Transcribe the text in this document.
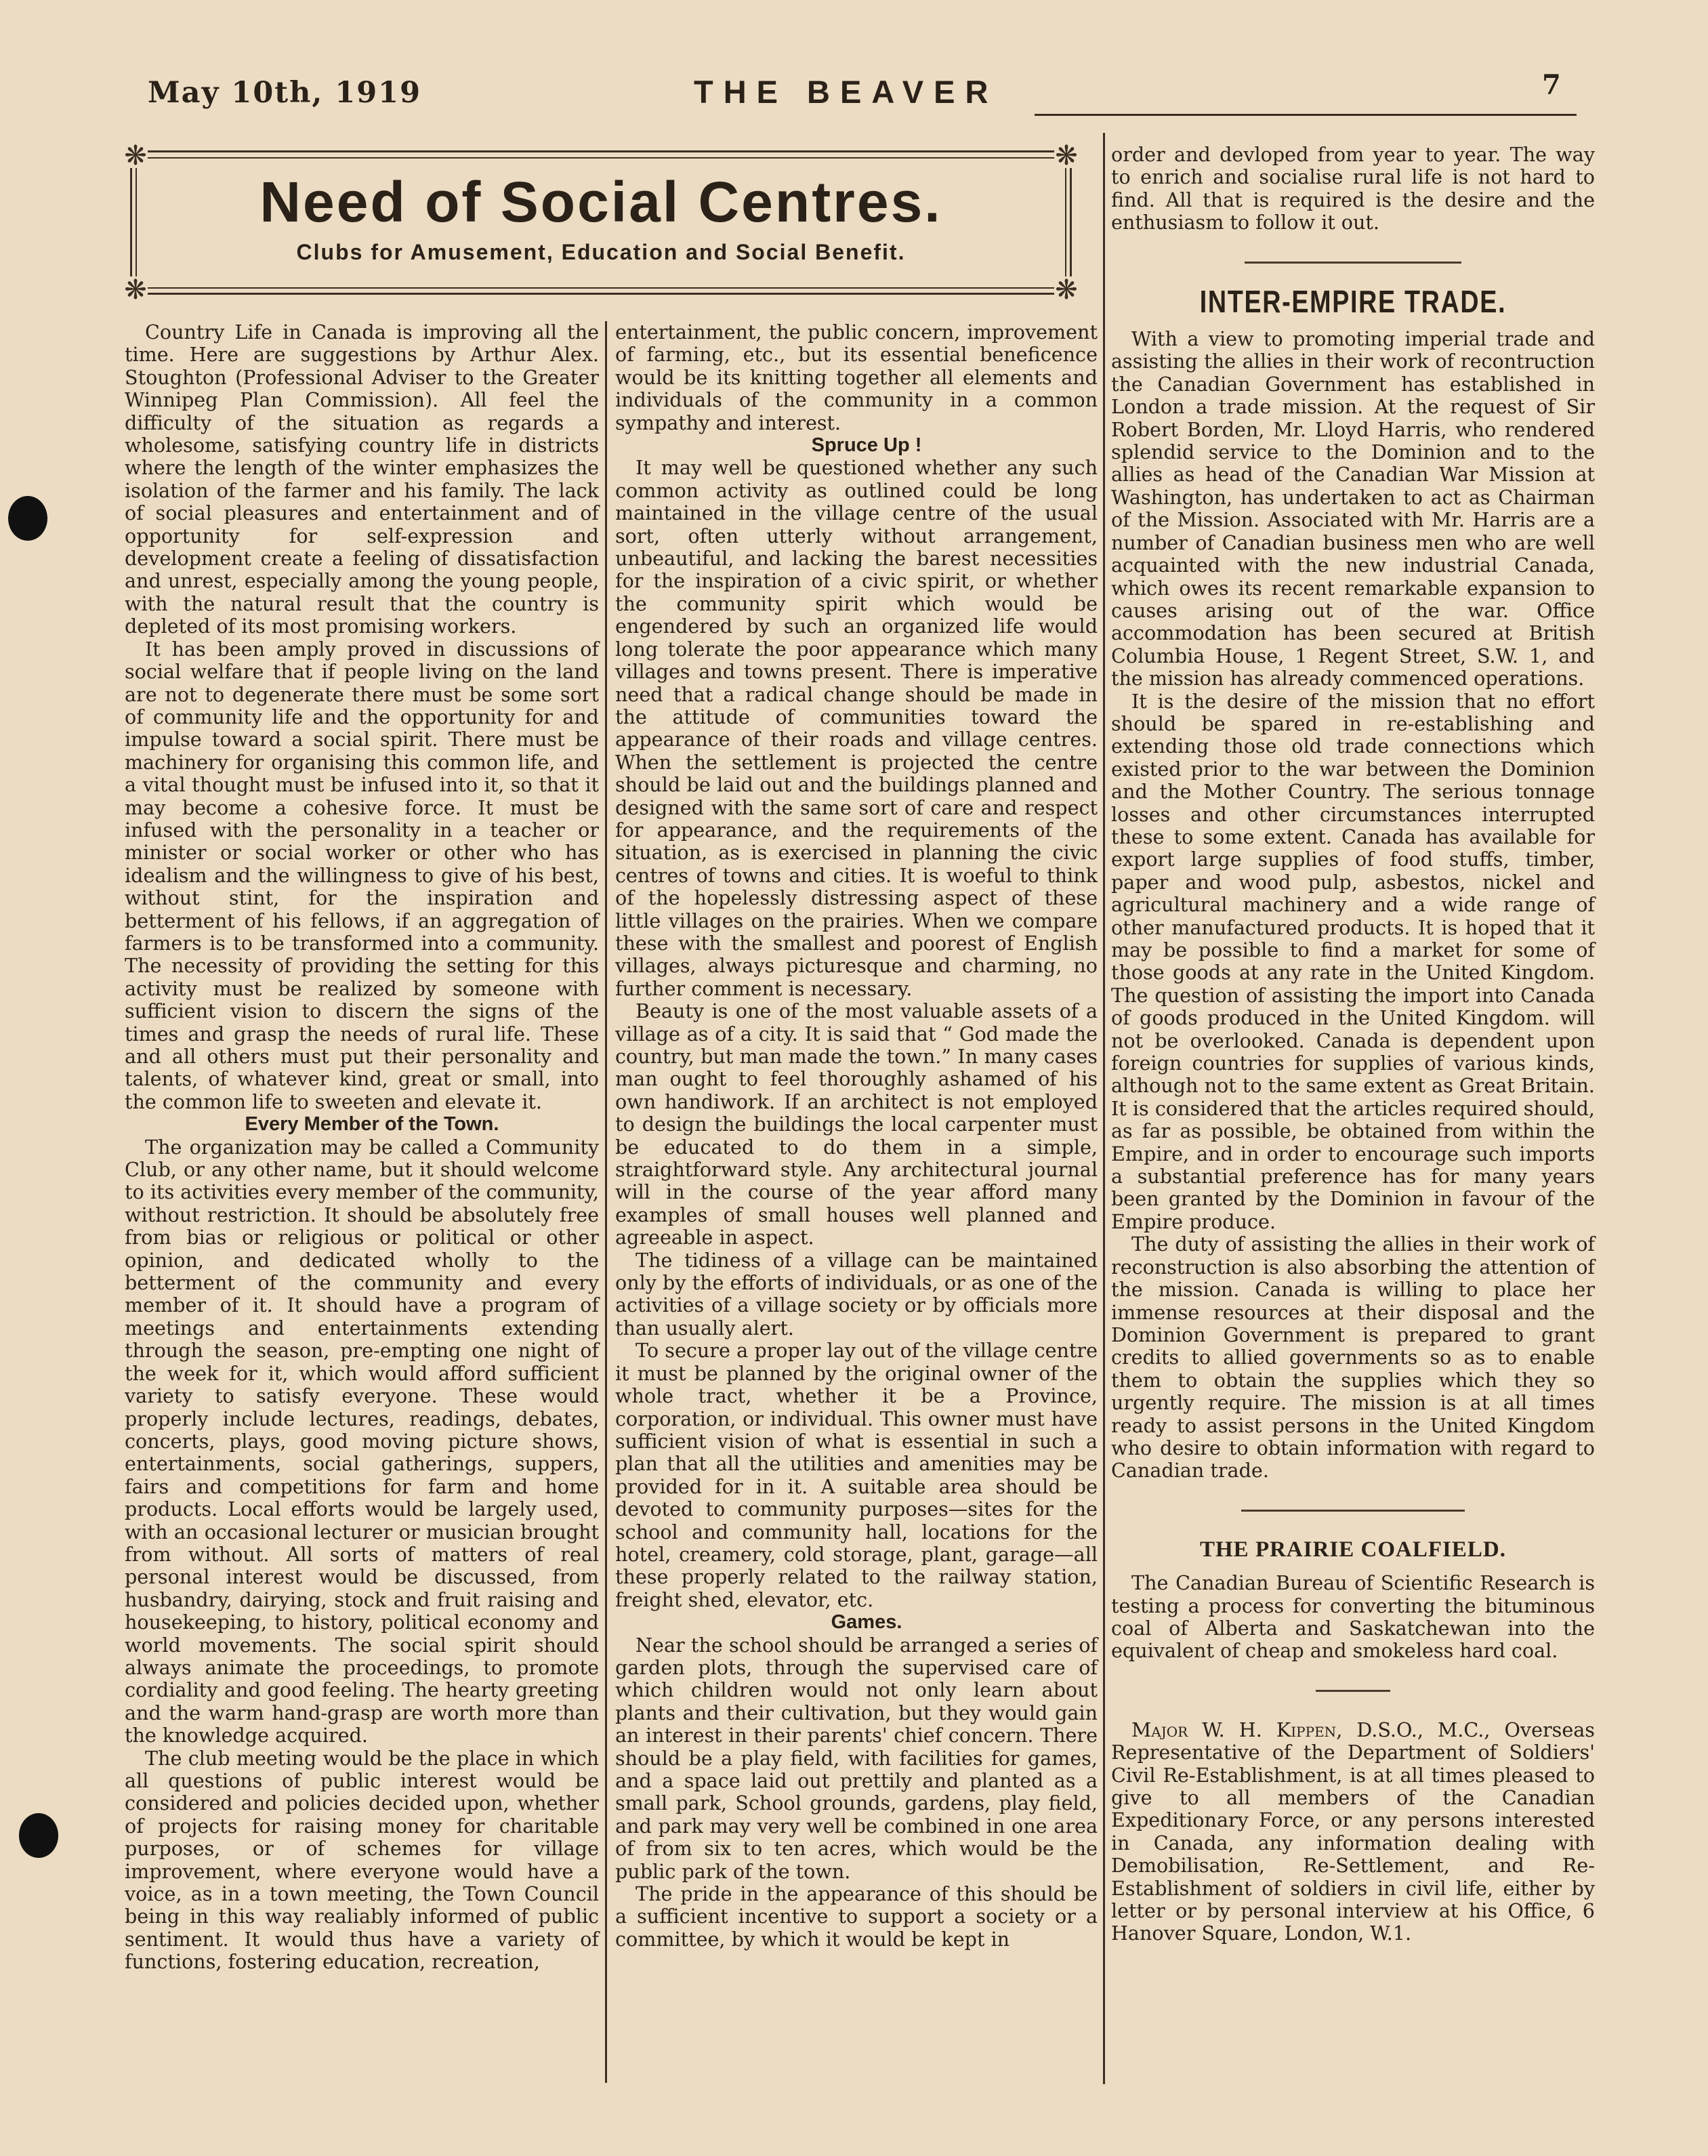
May 10th, 1919	THE BEAVER	7
❋	❋
❋	❋
Need of Social Centres.
Clubs for Amusement, Education and Social Benefit.

Country Life in Canada is improving all the time. Here are suggestions by Arthur Alex. Stoughton (Professional Adviser to the Greater Winnipeg Plan Commission). All feel the difficulty of the situation as regards a wholesome, satisfying country life in districts where the length of the winter emphasizes the isolation of the farmer and his family. The lack of social pleasures and entertainment and of opportunity for self-expression and development create a feeling of dissatisfaction and unrest, especially among the young people, with the natural result that the country is depleted of its most promising workers.

It has been amply proved in discussions of social welfare that if people living on the land are not to degenerate there must be some sort of community life and the opportunity for and impulse toward a social spirit. There must be machinery for organising this common life, and a vital thought must be infused into it, so that it may become a cohesive force. It must be infused with the personality in a teacher or minister or social worker or other who has idealism and the willingness to give of his best, without stint, for the inspiration and betterment of his fellows, if an aggregation of farmers is to be transformed into a community. The necessity of providing the setting for this activity must be realized by someone with sufficient vision to discern the signs of the times and grasp the needs of rural life. These and all others must put their personality and talents, of whatever kind, great or small, into the common life to sweeten and elevate it.

Every Member of the Town.

The organization may be called a Community Club, or any other name, but it should welcome to its activities every member of the community, without restriction. It should be absolutely free from bias or religious or political or other opinion, and dedicated wholly to the betterment of the community and every member of it. It should have a program of meetings and entertainments extending through the season, pre-empting one night of the week for it, which would afford sufficient variety to satisfy everyone. These would properly include lectures, readings, debates, concerts, plays, good moving picture shows, entertainments, social gatherings, suppers, fairs and competitions for farm and home products. Local efforts would be largely used, with an occasional lecturer or musician brought from without. All sorts of matters of real personal interest would be discussed, from husbandry, dairying, stock and fruit raising and housekeeping, to history, political economy and world movements. The social spirit should always animate the proceedings, to promote cordiality and good feeling. The hearty greeting and the warm hand-grasp are worth more than the knowledge acquired.

The club meeting would be the place in which all questions of public interest would be considered and policies decided upon, whether of projects for raising money for charitable purposes, or of schemes for village improvement, where everyone would have a voice, as in a town meeting, the Town Council being in this way realiably informed of public sentiment. It would thus have a variety of functions, fostering education, recreation,

entertainment, the public concern, improvement of farming, etc., but its essential beneficence would be its knitting together all elements and individuals of the community in a common sympathy and interest.

Spruce Up !

It may well be questioned whether any such common activity as outlined could be long maintained in the village centre of the usual sort, often utterly without arrangement, unbeautiful, and lacking the barest necessities for the inspiration of a civic spirit, or whether the community spirit which would be engendered by such an organized life would long tolerate the poor appearance which many villages and towns present. There is imperative need that a radical change should be made in the attitude of communities toward the appearance of their roads and village centres. When the settlement is projected the centre should be laid out and the buildings planned and designed with the same sort of care and respect for appearance, and the requirements of the situation, as is exercised in planning the civic centres of towns and cities. It is woeful to think of the hopelessly distressing aspect of these little villages on the prairies. When we compare these with the smallest and poorest of English villages, always picturesque and charming, no further comment is necessary.

Beauty is one of the most valuable assets of a village as of a city. It is said that “ God made the country, but man made the town.” In many cases man ought to feel thoroughly ashamed of his own handiwork. If an architect is not employed to design the buildings the local carpenter must be educated to do them in a simple, straightforward style. Any architectural journal will in the course of the year afford many examples of small houses well planned and agreeable in aspect.

The tidiness of a village can be maintained only by the efforts of individuals, or as one of the activities of a village society or by officials more than usually alert.

To secure a proper lay out of the village centre it must be planned by the original owner of the whole tract, whether it be a Province, corporation, or individual. This owner must have sufficient vision of what is essential in such a plan that all the utilities and amenities may be provided for in it. A suitable area should be devoted to community purposes—sites for the school and community hall, locations for the hotel, creamery, cold storage, plant, garage—all these properly related to the railway station, freight shed, elevator, etc.

Games.

Near the school should be arranged a series of garden plots, through the supervised care of which children would not only learn about plants and their cultivation, but they would gain an interest in their parents' chief concern. There should be a play field, with facilities for games, and a space laid out prettily and planted as a small park, School grounds, gardens, play field, and park may very well be combined in one area of from six to ten acres, which would be the public park of the town.

The pride in the appearance of this should be a sufficient incentive to support a society or a committee, by which it would be kept in

order and devloped from year to year. The way to enrich and socialise rural life is not hard to find. All that is required is the desire and the enthusiasm to follow it out.

INTER-EMPIRE TRADE.

With a view to promoting imperial trade and assisting the allies in their work of recontruction the Canadian Government has established in London a trade mission. At the request of Sir Robert Borden, Mr. Lloyd Harris, who rendered splendid service to the Dominion and to the allies as head of the Canadian War Mission at Washington, has undertaken to act as Chairman of the Mission. Associated with Mr. Harris are a number of Canadian business men who are well acquainted with the new industrial Canada, which owes its recent remarkable expansion to causes arising out of the war. Office accommodation has been secured at British Columbia House, 1 Regent Street, S.W. 1, and the mission has already commenced operations.

It is the desire of the mission that no effort should be spared in re-establishing and extending those old trade connections which existed prior to the war between the Dominion and the Mother Country. The serious tonnage losses and other circumstances interrupted these to some extent. Canada has available for export large supplies of food stuffs, timber, paper and wood pulp, asbestos, nickel and agricultural machinery and a wide range of other manufactured products. It is hoped that it may be possible to find a market for some of those goods at any rate in the United Kingdom. The question of assisting the import into Canada of goods produced in the United Kingdom. will not be overlooked. Canada is dependent upon foreign countries for supplies of various kinds, although not to the same extent as Great Britain. It is considered that the articles required should, as far as possible, be obtained from within the Empire, and in order to encourage such imports a substantial preference has for many years been granted by the Dominion in favour of the Empire produce.

The duty of assisting the allies in their work of reconstruction is also absorbing the attention of the mission. Canada is willing to place her immense resources at their disposal and the Dominion Government is prepared to grant credits to allied governments so as to enable them to obtain the supplies which they so urgently require. The mission is at all times ready to assist persons in the United Kingdom who desire to obtain information with regard to Canadian trade.

THE PRAIRIE COALFIELD.

The Canadian Bureau of Scientific Research is testing a process for converting the bituminous coal of Alberta and Saskatchewan into the equivalent of cheap and smokeless hard coal.

Major W. H. Kippen, D.S.O., M.C., Overseas Representative of the Department of Soldiers' Civil Re-Establishment, is at all times pleased to give to all members of the Canadian Expeditionary Force, or any persons interested in Canada, any information dealing with Demobilisation, Re-Settlement, and Re-Establishment of soldiers in civil life, either by letter or by personal interview at his Office, 6 Hanover Square, London, W.1.
